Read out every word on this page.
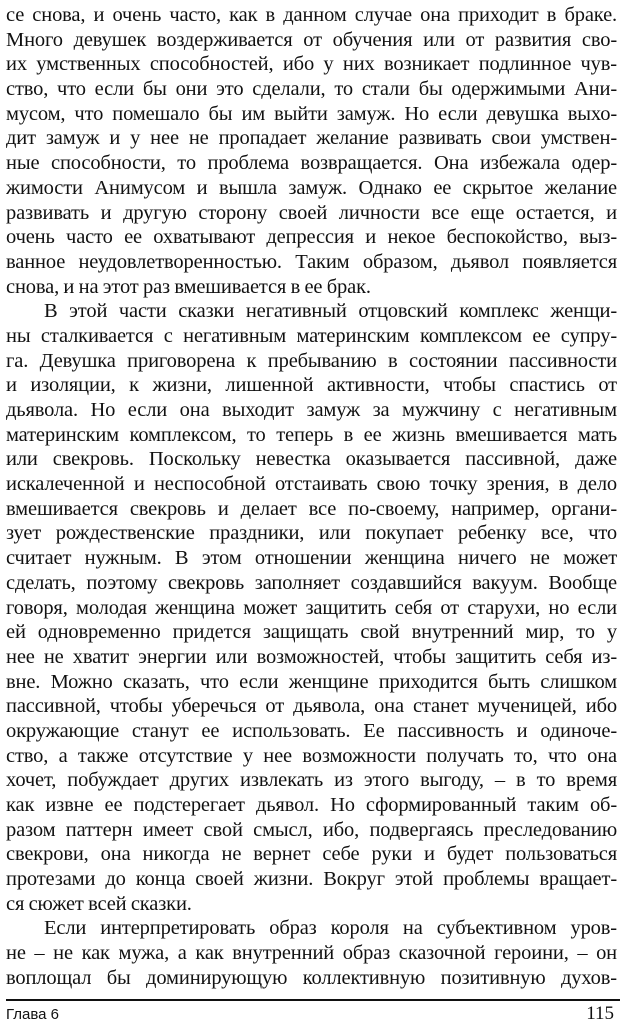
се снова, и очень часто, как в данном случае она приходит в браке.
Много девушек воздерживается от обучения или от развития сво-
их умственных способностей, ибо у них возникает подлинное чув-
ство, что если бы они это сделали, то стали бы одержимыми Ани-
мусом, что помешало бы им выйти замуж. Но если девушка выхо-
дит замуж и у нее не пропадает желание развивать свои умствен-
ные способности, то проблема возвращается. Она избежала одер-
жимости Анимусом и вышла замуж. Однако ее скрытое желание
развивать и другую сторону своей личности все еще остается, и
очень часто ее охватывают депрессия и некое беспокойство, выз-
ванное неудовлетворенностью. Таким образом, дьявол появляется
снова, и на этот раз вмешивается в ее брак.
В этой части сказки негативный отцовский комплекс женщи-
ны сталкивается с негативным материнским комплексом ее супру-
га. Девушка приговорена к пребыванию в состоянии пассивности
и изоляции, к жизни, лишенной активности, чтобы спастись от
дьявола. Но если она выходит замуж за мужчину с негативным
материнским комплексом, то теперь в ее жизнь вмешивается мать
или свекровь. Поскольку невестка оказывается пассивной, даже
искалеченной и неспособной отстаивать свою точку зрения, в дело
вмешивается свекровь и делает все по-своему, например, органи-
зует рождественские праздники, или покупает ребенку все, что
считает нужным. В этом отношении женщина ничего не может
сделать, поэтому свекровь заполняет создавшийся вакуум. Вообще
говоря, молодая женщина может защитить себя от старухи, но если
ей одновременно придется защищать свой внутренний мир, то у
нее не хватит энергии или возможностей, чтобы защитить себя из-
вне. Можно сказать, что если женщине приходится быть слишком
пассивной, чтобы уберечься от дьявола, она станет мученицей, ибо
окружающие станут ее использовать. Ее пассивность и одиноче-
ство, а также отсутствие у нее возможности получать то, что она
хочет, побуждает других извлекать из этого выгоду, – в то время
как извне ее подстерегает дьявол. Но сформированный таким об-
разом паттерн имеет свой смысл, ибо, подвергаясь преследованию
свекрови, она никогда не вернет себе руки и будет пользоваться
протезами до конца своей жизни. Вокруг этой проблемы вращает-
ся сюжет всей сказки.
Если интерпретировать образ короля на субъективном уров-
не – не как мужа, а как внутренний образ сказочной героини, – он
воплощал бы доминирующую коллективную позитивную духов-
Глава 6	115
